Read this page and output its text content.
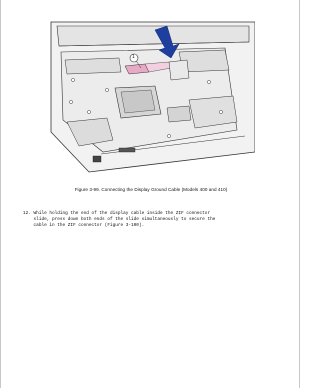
1
Figure 3-99. Connecting the Display Ground Cable (Models 400 and 410)
12. While holding the end of the display cable inside the ZIF connector
slide, press down both ends of the slide simultaneously to secure the
cable in the ZIF connector (Figure 3-100).
